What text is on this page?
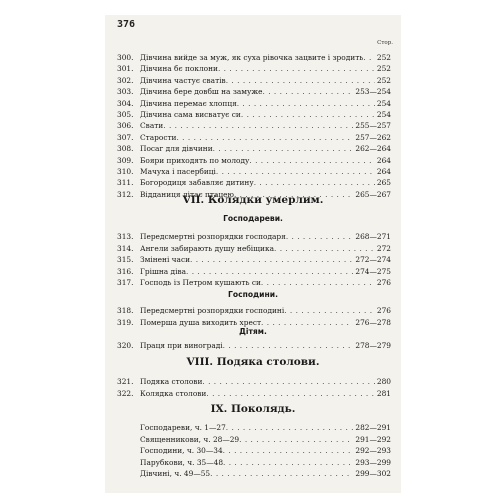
376
Стор.
300. Дівчина вийде за муж, як суха рівочка зацвите і зродить . . . 252
301. Дівчина бє поклони . . .	252
302. Дівчина частує сватів . . .	252
303. Дівчина бере довбш на замуже . . .	253—254
304. Дівчина перемає хлопця . . .	254
305. Дівчина сама висватує си . . .	254
306. Свати . . .	255—257
307. Старости . . .	257—262
308. Посаг для дівчини . . .	262—264
309. Бояри приходять по молоду . . .	264
310. Мачуха і пасербиці . . .	264
311. Богородиця забавляє дитину . . .	265
312. Відданиця літає птацею . . .	265—267
VII. Колядки умерлим.
Господареви.
313. Передсмертні розпорядки господаря . . .	268—271
314. Ангели забирають душу небіщика . . .	272
315. Змінені часи . . .	272—274
316. Грішна діва . . .	274—275
317. Господь із Петром кушають си . . .	276
Господини.
318. Передсмертні розпорядки господині . . .	276
319. Померша душа виходить хрест . . .	276—278
Дітям.
320. Праця при винограді . . .	278—279
VIII. Подяка столови.
321. Подяка столови . . .	280
322. Колядка столови . . .	281
IX. Поколядь.
Господареви, ч. 1—27 . . .	282—291
Священникови, ч. 28—29 . . .	291—292
Господини, ч. 30—34 . . .	292—293
Парубкови, ч. 35—48 . . .	293—299
Дівчині, ч. 49—55 . . .	299—302
